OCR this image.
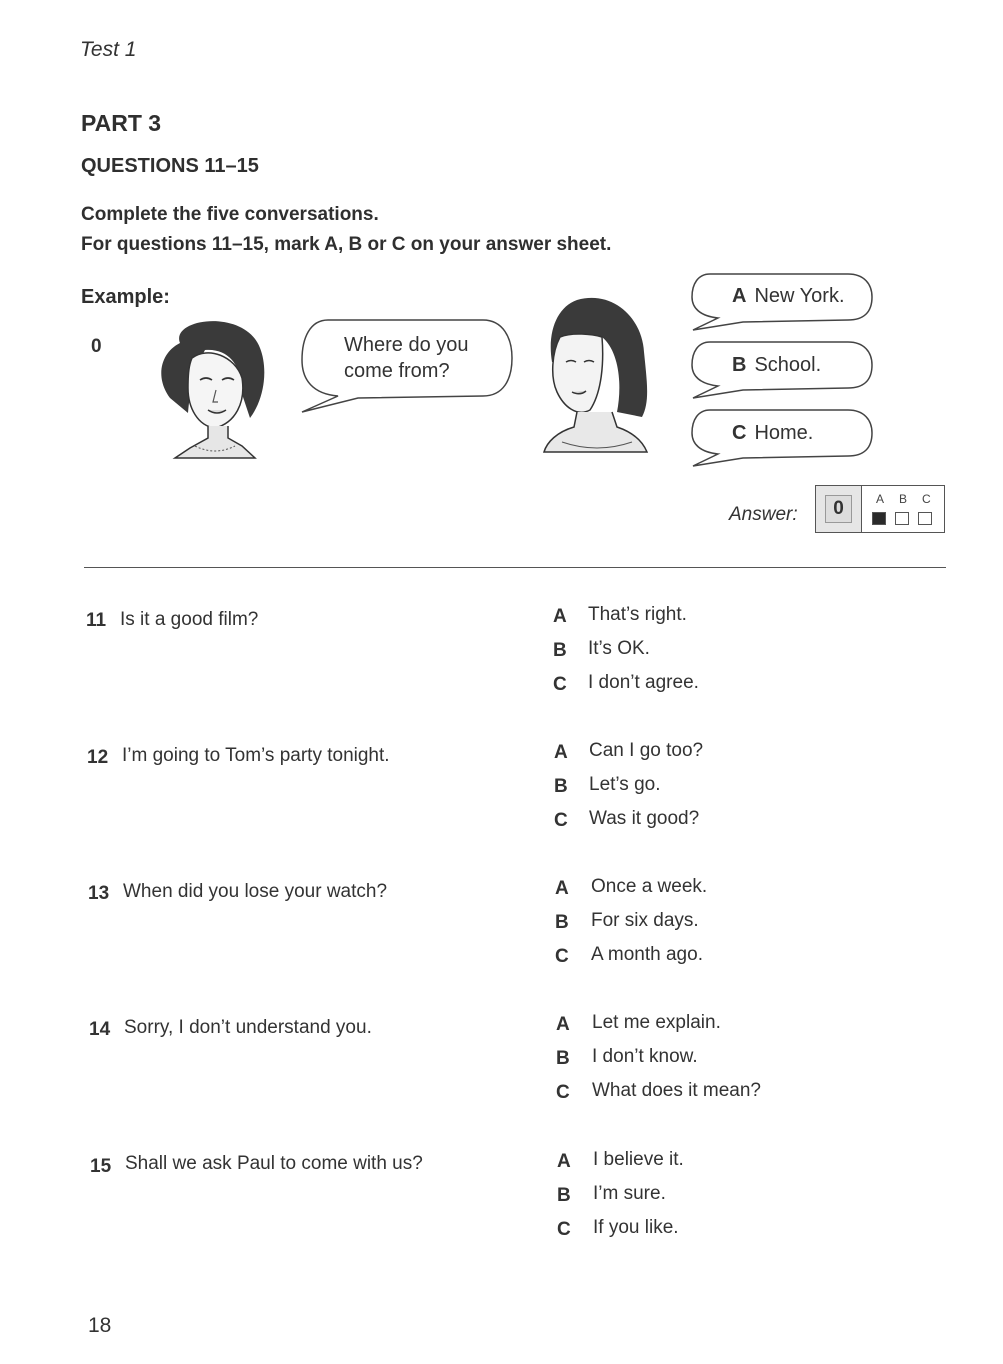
Test 1
PART 3
QUESTIONS 11–15
Complete the five conversations.
For questions 11–15, mark A, B or C on your answer sheet.
Example:
0	Where do you
come from?
A New York.
B School.
C Home.
Answer:	0	A B C
11 Is it a good film?	A That’s right.
B It’s OK.
C I don’t agree.
12 I’m going to Tom’s party tonight.	A Can I go too?
B Let’s go.
C Was it good?
13 When did you lose your watch?	A Once a week.
B For six days.
C A month ago.
14 Sorry, I don’t understand you.	A Let me explain.
B I don’t know.
C What does it mean?
15 Shall we ask Paul to come with us?	A I believe it.
B I’m sure.
C If you like.
18
